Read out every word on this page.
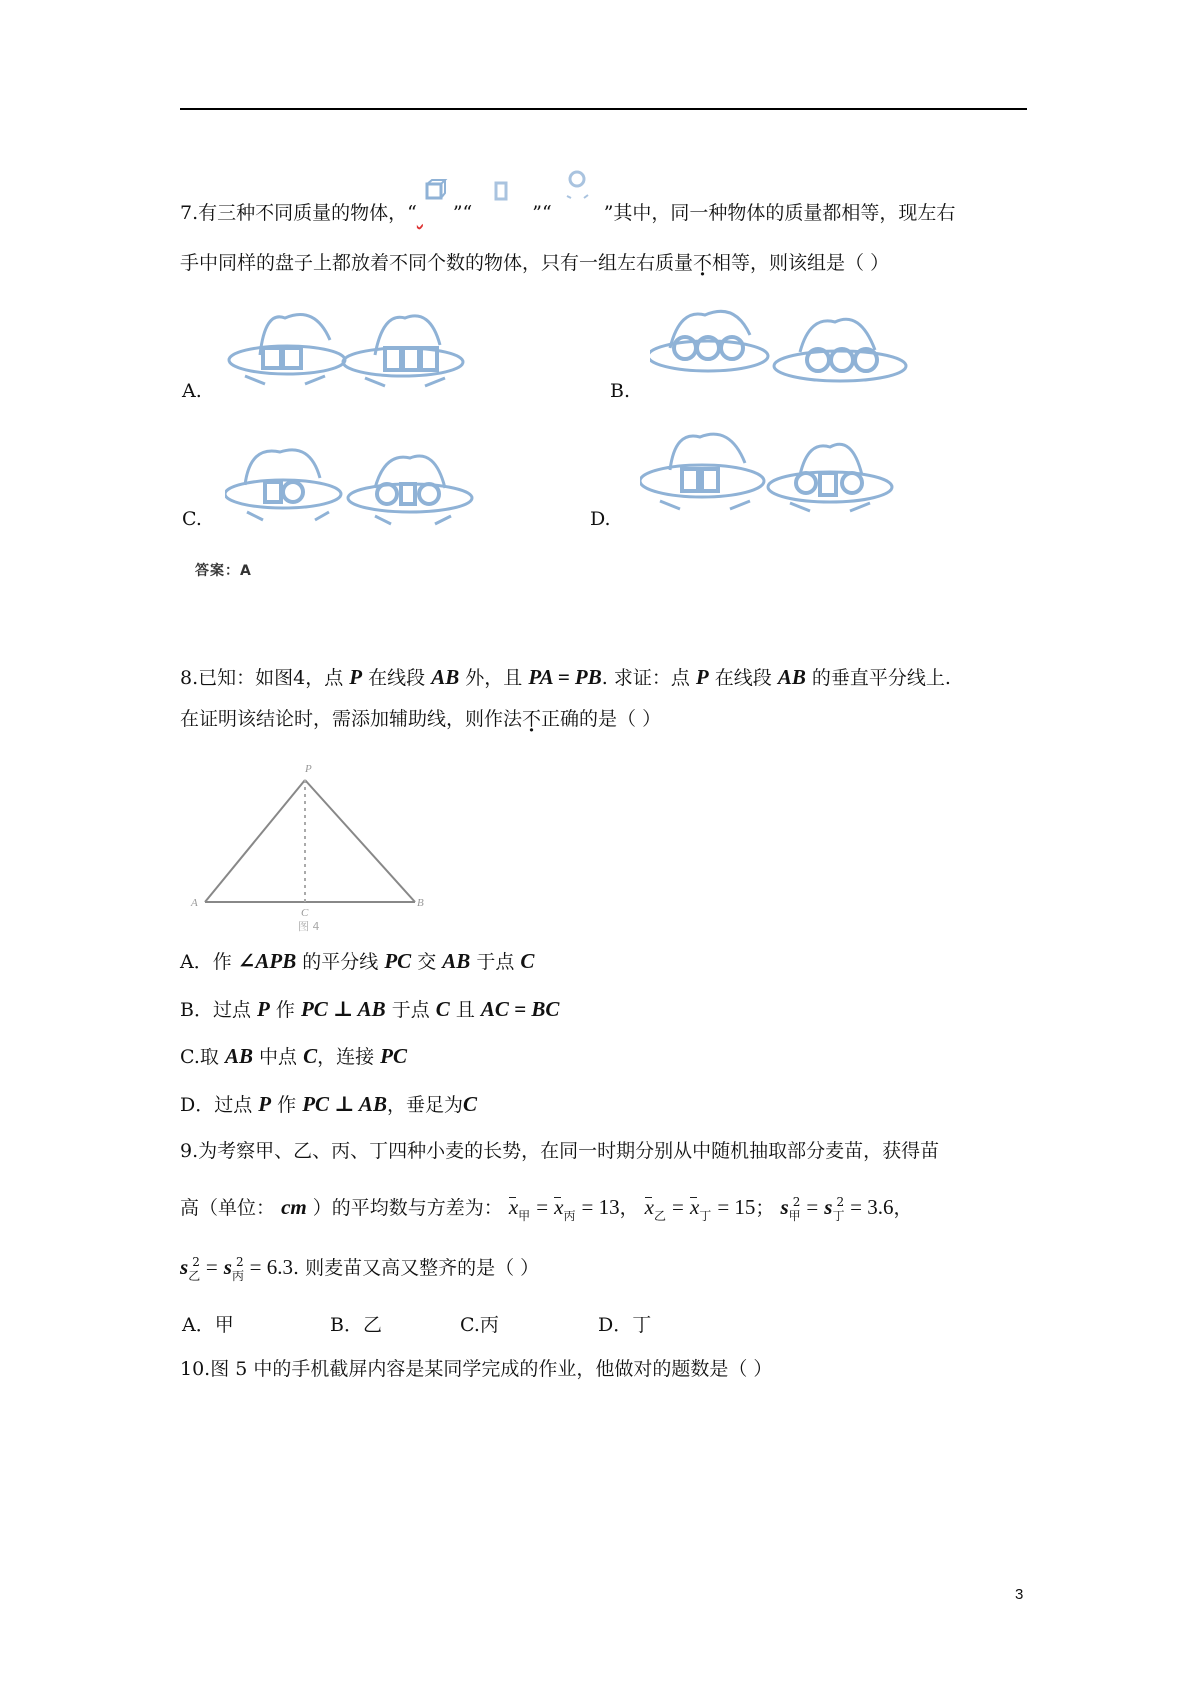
7.有三种不同质量的物体，“ ”“	”“	”其中，同一种物体的质量都相等，现左右
手中同样的盘子上都放着不同个数的物体，只有一组左右质量不相等，则该组是（ ）
A.	B.
C.	D.
答案：A
8.已知：如图4，点 P 在线段 AB 外，且 PA = PB. 求证：点 P 在线段 AB 的垂直平分线上.
在证明该结论时，需添加辅助线，则作法不正确的是（ ）
P
A	B
C
图 4
A．作 ∠APB 的平分线 PC 交 AB 于点 C
B．过点 P 作 PC ⊥ AB 于点 C 且 AC = BC
C.取 AB 中点 C，连接 PC
D．过点 P 作 PC ⊥ AB，垂足为C
9.为考察甲、乙、丙、丁四种小麦的长势，在同一时期分别从中随机抽取部分麦苗，获得苗
高（单位： cm ）的平均数与方差为： $x_甲 = x_丙 = 13$， $x_乙 = x_丁 = 15$； $s_甲^2 = s_丁^2 = 3.6$，
$s_乙^2 = s_丙^2 = 6.3$. 则麦苗又高又整齐的是（ ）
A．甲	B．乙	C.丙	D．丁
10.图 5 中的手机截屏内容是某同学完成的作业，他做对的题数是（ ）
3
